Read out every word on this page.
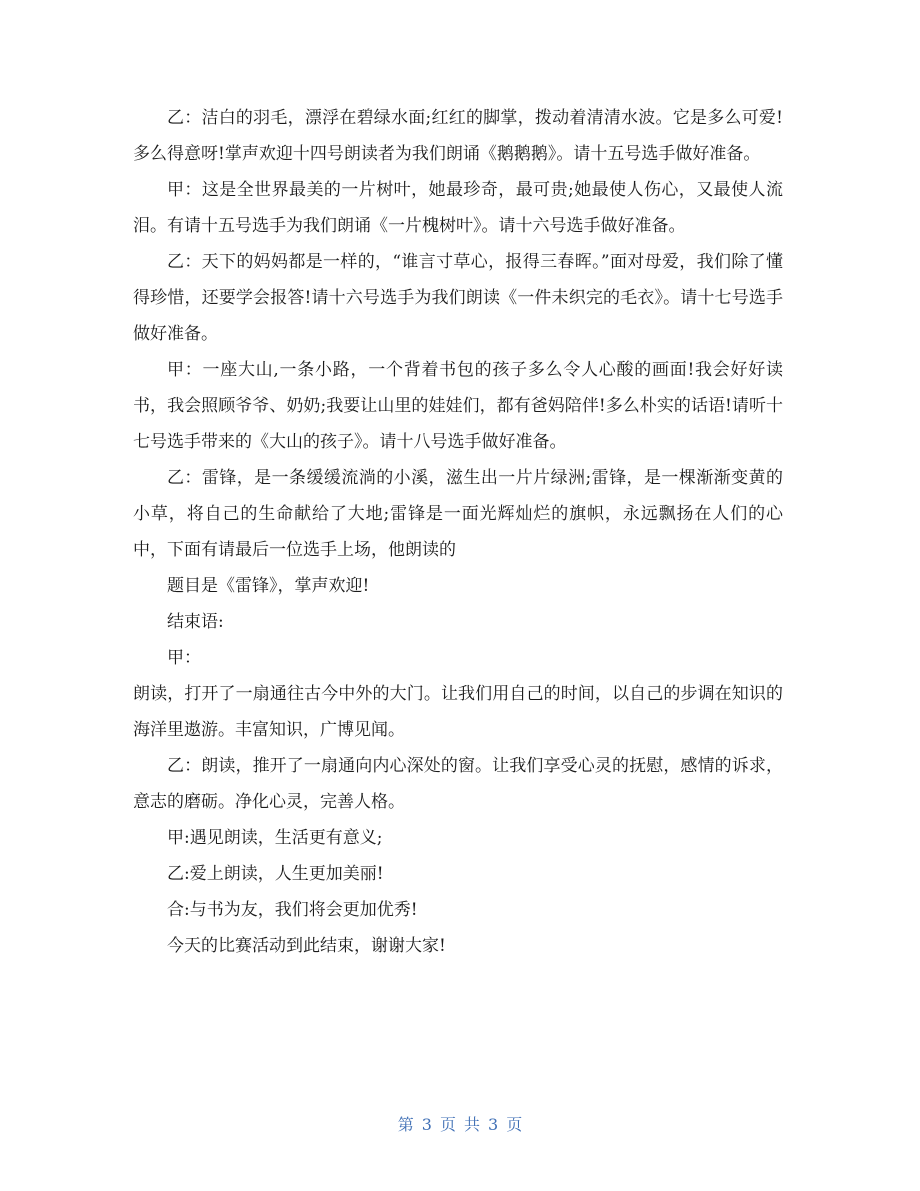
乙：洁白的羽毛，漂浮在碧绿水面;红红的脚掌，拨动着清清水波。它是多么可爱!多么得意呀!掌声欢迎十四号朗读者为我们朗诵《鹅鹅鹅》。请十五号选手做好准备。

甲：这是全世界最美的一片树叶，她最珍奇，最可贵;她最使人伤心，又最使人流泪。有请十五号选手为我们朗诵《一片槐树叶》。请十六号选手做好准备。

乙：天下的妈妈都是一样的，“谁言寸草心，报得三春晖。”面对母爱，我们除了懂得珍惜，还要学会报答!请十六号选手为我们朗读《一件未织完的毛衣》。请十七号选手做好准备。

甲：一座大山,一条小路，一个背着书包的孩子多么令人心酸的画面!我会好好读书，我会照顾爷爷、奶奶;我要让山里的娃娃们，都有爸妈陪伴!多么朴实的话语!请听十七号选手带来的《大山的孩子》。请十八号选手做好准备。

乙：雷锋，是一条缓缓流淌的小溪，滋生出一片片绿洲;雷锋，是一棵渐渐变黄的小草，将自己的生命献给了大地;雷锋是一面光辉灿烂的旗帜，永远飘扬在人们的心中，下面有请最后一位选手上场，他朗读的

题目是《雷锋》，掌声欢迎!

结束语:

甲：

朗读，打开了一扇通往古今中外的大门。让我们用自己的时间，以自己的步调在知识的海洋里遨游。丰富知识，广博见闻。

乙：朗读，推开了一扇通向内心深处的窗。让我们享受心灵的抚慰，感情的诉求，意志的磨砺。净化心灵，完善人格。

甲:遇见朗读，生活更有意义;

乙:爱上朗读，人生更加美丽!

合:与书为友，我们将会更加优秀!

今天的比赛活动到此结束，谢谢大家!

第 3 页 共 3 页
